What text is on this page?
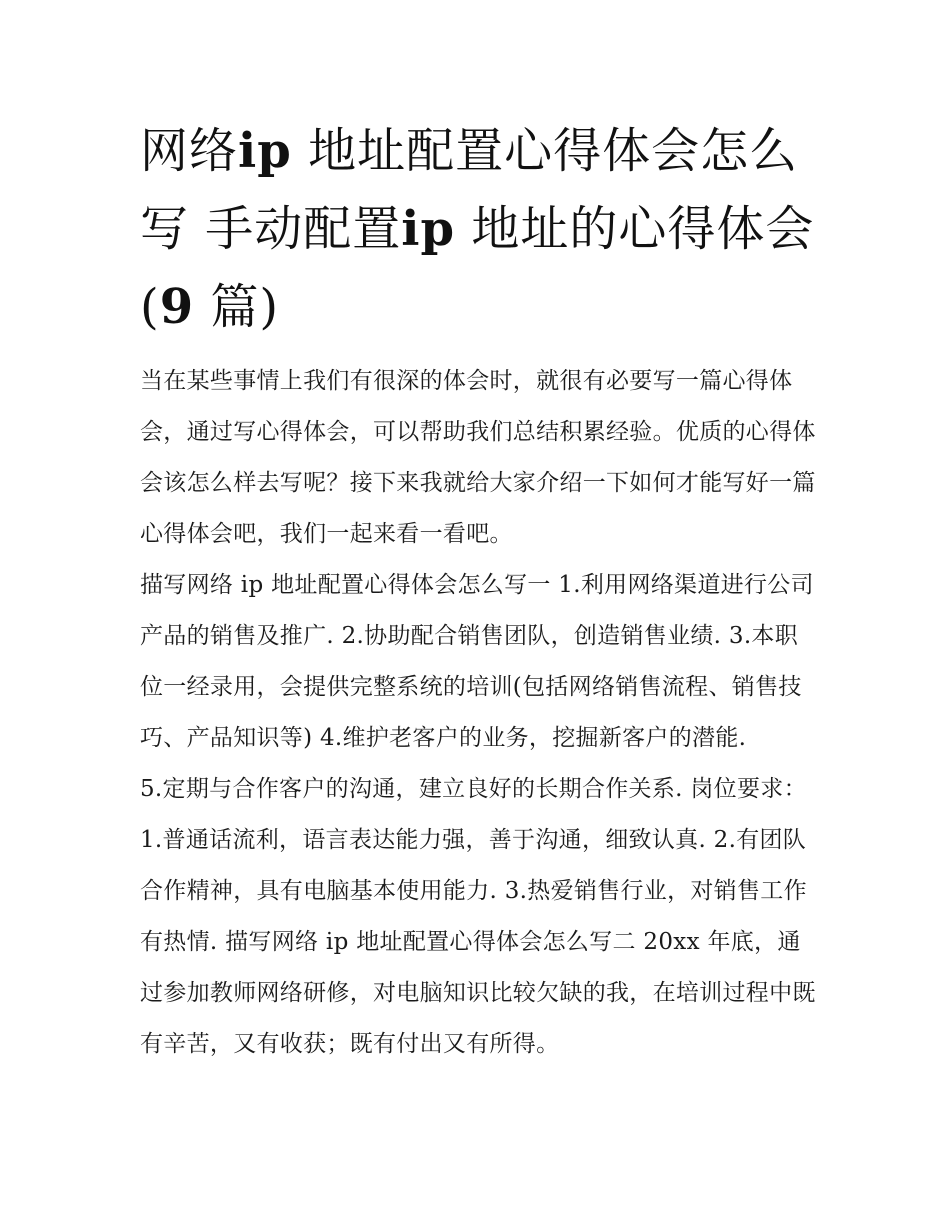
网络ip 地址配置心得体会怎么写 手动配置ip 地址的心得体会(9 篇)

当在某些事情上我们有很深的体会时，就很有必要写一篇心得体会，通过写心得体会，可以帮助我们总结积累经验。优质的心得体会该怎么样去写呢？接下来我就给大家介绍一下如何才能写好一篇心得体会吧，我们一起来看一看吧。

描写网络 ip 地址配置心得体会怎么写一 1.利用网络渠道进行公司产品的销售及推广. 2.协助配合销售团队，创造销售业绩. 3.本职位一经录用，会提供完整系统的培训(包括网络销售流程、销售技巧、产品知识等) 4.维护老客户的业务，挖掘新客户的潜能.

5.定期与合作客户的沟通，建立良好的长期合作关系. 岗位要求： 1.普通话流利，语言表达能力强，善于沟通，细致认真. 2.有团队合作精神，具有电脑基本使用能力. 3.热爱销售行业，对销售工作有热情. 描写网络 ip 地址配置心得体会怎么写二 20xx 年底，通过参加教师网络研修，对电脑知识比较欠缺的我，在培训过程中既有辛苦，又有收获；既有付出又有所得。
